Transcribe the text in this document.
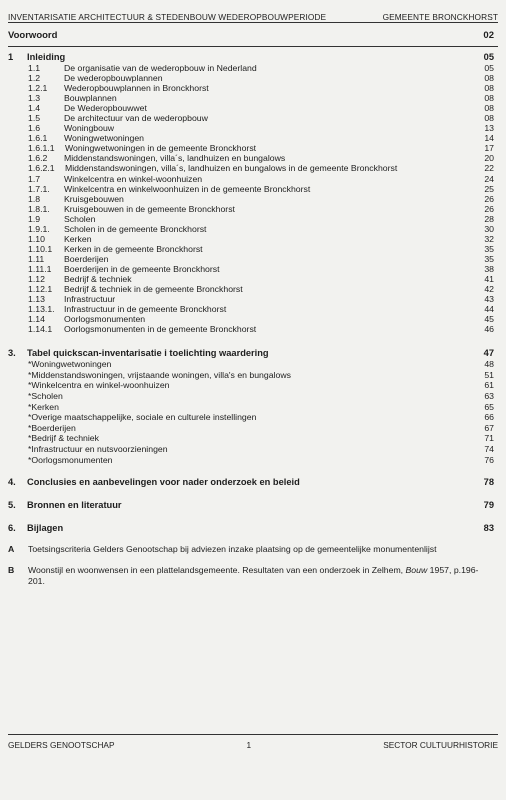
INVENTARISATIE ARCHITECTUUR & STEDENBOUW WEDEROPBOUWPERIODE	GEMEENTE BRONCKHORST
Voorwoord	02
1	Inleiding	05
1.1	De organisatie van de wederopbouw in Nederland	05
1.2	De wederopbouwplannen	08
1.2.1	Wederopbouwplannen in Bronckhorst	08
1.3	Bouwplannen	08
1.4	De Wederopbouwwet	08
1.5	De architectuur van de wederopbouw	08
1.6	Woningbouw	13
1.6.1	Woningwetwoningen	14
1.6.1.1	Woningwetwoningen in de gemeente Bronckhorst	17
1.6.2	Middenstandswoningen, villa´s, landhuizen en bungalows	20
1.6.2.1	Middenstandswoningen, villa´s, landhuizen en bungalows in de gemeente Bronckhorst	22
1.7	Winkelcentra en winkel-woonhuizen	24
1.7.1.	Winkelcentra en winkelwoonhuizen in de gemeente Bronckhorst	25
1.8	Kruisgebouwen	26
1.8.1.	Kruisgebouwen in de gemeente Bronckhorst	26
1.9	Scholen	28
1.9.1.	Scholen in de gemeente Bronckhorst	30
1.10	Kerken	32
1.10.1	Kerken in de gemeente Bronckhorst	35
1.11	Boerderijen	35
1.11.1	Boerderijen in de gemeente Bronckhorst	38
1.12	Bedrijf & techniek	41
1.12.1	Bedrijf & techniek in de gemeente Bronckhorst	42
1.13	Infrastructuur	43
1.13.1.	Infrastructuur in de gemeente Bronckhorst	44
1.14	Oorlogsmonumenten	45
1.14.1	Oorlogsmonumenten in de gemeente Bronckhorst	46
3.	Tabel quickscan-inventarisatie i toelichting waardering	47
*Woningwetwoningen	48
*Middenstandswoningen, vrijstaande woningen, villa's en bungalows	51
*Winkelcentra en winkel-woonhuizen	61
*Scholen	63
*Kerken	65
*Overige maatschappelijke, sociale en culturele instellingen	66
*Boerderijen	67
*Bedrijf & techniek	71
*Infrastructuur en nutsvoorzieningen	74
*Oorlogsmonumenten	76
4.	Conclusies en aanbevelingen voor nader onderzoek en beleid	78
5.	Bronnen en literatuur	79
6.	Bijlagen	83
A	Toetsingscriteria Gelders Genootschap bij adviezen inzake plaatsing op de gemeentelijke monumentenlijst
B	Woonstijl en woonwensen in een plattelandsgemeente. Resultaten van een onderzoek in Zelhem, Bouw 1957, p.196-201.
GELDERS GENOOTSCHAP	1	SECTOR CULTUURHISTORIE
